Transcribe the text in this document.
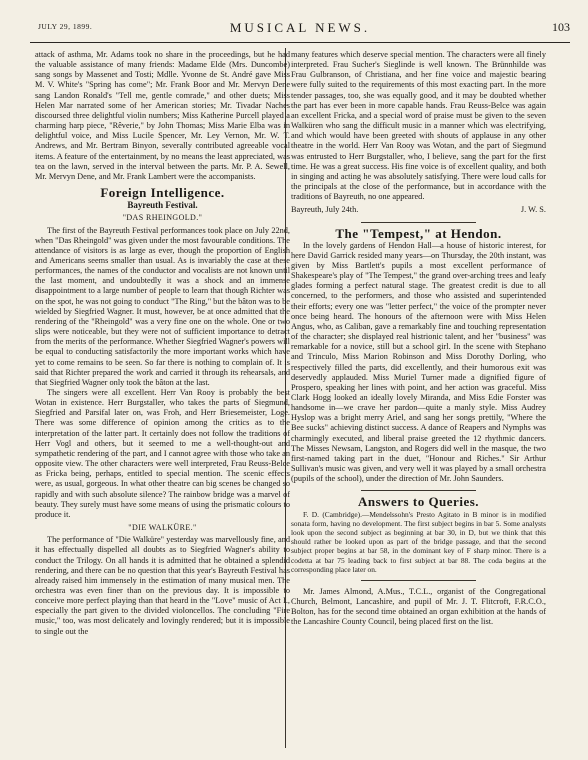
JULY 29, 1899.	MUSICAL NEWS.	103

attack of asthma, Mr. Adams took no share in the proceedings, but he had the valuable assistance of many friends: Madame Elde (Mrs. Duncombe) sang songs by Massenet and Tosti; Mdlle. Yvonne de St. André gave Miss M. V. White's "Spring has come"; Mr. Frank Boor and Mr. Mervyn Dene sang Landon Ronald's "Tell me, gentle comrade," and other duets; Miss Helen Mar narrated some of her American stories; Mr. Tivadar Naches discoursed three delightful violin numbers; Miss Katherine Purcell played a charming harp piece, "Rêverie," by John Thomas; Miss Marie Elba was in delightful voice, and Miss Lucile Spencer, Mr. Ley Vernon, Mr. W. T. Andrews, and Mr. Bertram Binyon, severally contributed agreeable vocal items. A feature of the entertainment, by no means the least appreciated, was tea on the lawn, served in the interval between the parts. Mr. P. A. Sewell, Mr. Mervyn Dene, and Mr. Frank Lambert were the accompanists.

Foreign Intelligence.
Bayreuth Festival.
"DAS RHEINGOLD."

The first of the Bayreuth Festival performances took place on July 22nd, when "Das Rheingold" was given under the most favourable conditions. The attendance of visitors is as large as ever, though the proportion of English and Americans seems smaller than usual. As is invariably the case at these performances, the names of the conductor and vocalists are not known until the last moment, and undoubtedly it was a shock and an immense disappointment to a large number of people to learn that though Richter was on the spot, he was not going to conduct "The Ring," but the bâton was to be wielded by Siegfried Wagner. It must, however, be at once admitted that the rendering of the "Rheingold" was a very fine one on the whole. One or two slips were noticeable, but they were not of sufficient importance to detract from the merits of the performance. Whether Siegfried Wagner's powers will be equal to conducting satisfactorily the more important works which have yet to come remains to be seen. So far there is nothing to complain of. It is said that Richter prepared the work and carried it through its rehearsals, and that Siegfried Wagner only took the bâton at the last.

The singers were all excellent. Herr Van Rooy is probably the best Wotan in existence. Herr Burgstaller, who takes the parts of Siegmund, Siegfried and Parsifal later on, was Froh, and Herr Briesemeister, Loge. There was some difference of opinion among the critics as to the interpretation of the latter part. It certainly does not follow the traditions of Herr Vogl and others, but it seemed to me a well-thought-out and sympathetic rendering of the part, and I cannot agree with those who take an opposite view. The other characters were well interpreted, Frau Reuss-Belce as Fricka being, perhaps, entitled to special mention. The scenic effects were, as usual, gorgeous. In what other theatre can big scenes be changed so rapidly and with such absolute silence? The rainbow bridge was a marvel of beauty. They surely must have some means of using the prismatic colours to produce it.

"DIE WALKÜRE."

The performance of "Die Walküre" yesterday was marvellously fine, and it has effectually dispelled all doubts as to Siegfried Wagner's ability to conduct the Trilogy. On all hands it is admitted that he obtained a splendid rendering, and there can be no question that this year's Bayreuth Festival has already raised him immensely in the estimation of many musical men. The orchestra was even finer than on the previous day. It is impossible to conceive more perfect playing than that heard in the "Love" music of Act I., especially the part given to the divided violoncellos. The concluding "Fire music," too, was most delicately and lovingly rendered; but it is impossible to single out the

many features which deserve special mention. The characters were all finely interpreted. Frau Sucher's Sieglinde is well known. The Brünnhilde was Frau Gulbranson, of Christiana, and her fine voice and majestic bearing were fully suited to the requirements of this most exacting part. In the more tender passages, too, she was equally good, and it may be doubted whether the part has ever been in more capable hands. Frau Reuss-Belce was again an excellent Fricka, and a special word of praise must be given to the seven Walküren who sang the difficult music in a manner which was electrifying, and which would have been greeted with shouts of applause in any other theatre in the world. Herr Van Rooy was Wotan, and the part of Siegmund was entrusted to Herr Burgstaller, who, I believe, sang the part for the first time. He was a great success. His fine voice is of excellent quality, and both in singing and acting he was absolutely satisfying. There were loud calls for the principals at the close of the performance, but in accordance with the traditions of Bayreuth, no one appeared.

Bayreuth, July 24th.	J. W. S.
The "Tempest," at Hendon.

In the lovely gardens of Hendon Hall—a house of historic interest, for here David Garrick resided many years—on Thursday, the 20th instant, was given by Miss Bartlett's pupils a most excellent performance of Shakespeare's play of "The Tempest," the grand over-arching trees and leafy glades forming a perfect natural stage. The greatest credit is due to all concerned, to the performers, and those who assisted and superintended their efforts; every one was "letter perfect," the voice of the prompter never once being heard. The honours of the afternoon were with Miss Helen Angus, who, as Caliban, gave a remarkably fine and touching representation of the character; she displayed real histrionic talent, and her "business" was remarkable for a novice, still but a school girl. In the scene with Stephano and Trinculo, Miss Marion Robinson and Miss Dorothy Dorling, who respectively filled the parts, did excellently, and their humorous exit was deservedly applauded. Miss Muriel Turner made a dignified figure of Prospero, speaking her lines with point, and her action was graceful. Miss Clark Hogg looked an ideally lovely Miranda, and Miss Edie Forster was handsome in—we crave her pardon—quite a manly style. Miss Audrey Hyslop was a bright merry Ariel, and sang her songs prettily, "Where the Bee sucks" achieving distinct success. A dance of Reapers and Nymphs was charmingly executed, and liberal praise greeted the 12 rhythmic dancers. The Misses Newsam, Langston, and Rogers did well in the masque, the two first-named taking part in the duet, "Honour and Riches." Sir Arthur Sullivan's music was given, and very well it was played by a small orchestra (pupils of the school), under the direction of Mr. John Saunders.

Answers to Queries.

F. D. (Cambridge).—Mendelssohn's Presto Agitato in B minor is in modified sonata form, having no development. The first subject begins in bar 5. Some analysts look upon the second subject as beginning at bar 30, in D, but we think that this should rather be looked upon as part of the bridge passage, and that the second subject proper begins at bar 58, in the dominant key of F sharp minor. There is a codetta at bar 75 leading back to first subject at bar 88. The coda begins at the corresponding place later on.

Mr. James Almond, A.Mus., T.C.L., organist of the Congregational Church, Belmont, Lancashire, and pupil of Mr. J. T. Flitcroft, F.R.C.O., Bolton, has for the second time obtained an organ exhibition at the hands of the Lancashire County Council, being placed first on the list.
